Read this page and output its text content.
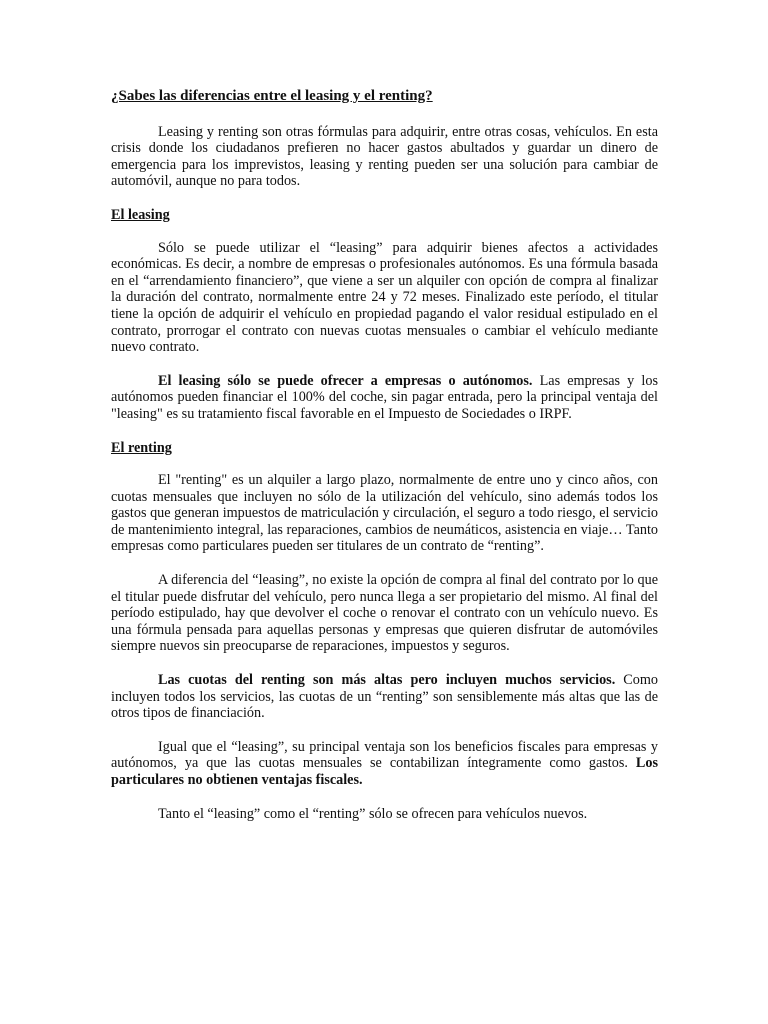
¿Sabes las diferencias entre el leasing y el renting?

Leasing y renting son otras fórmulas para adquirir, entre otras cosas, vehículos. En esta crisis donde los ciudadanos prefieren no hacer gastos abultados y guardar un dinero de emergencia para los imprevistos, leasing y renting pueden ser una solución para cambiar de automóvil, aunque no para todos.

El leasing

Sólo se puede utilizar el “leasing” para adquirir bienes afectos a actividades económicas. Es decir, a nombre de empresas o profesionales autónomos. Es una fórmula basada en el “arrendamiento financiero”, que viene a ser un alquiler con opción de compra al finalizar la duración del contrato, normalmente entre 24 y 72 meses. Finalizado este período, el titular tiene la opción de adquirir el vehículo en propiedad pagando el valor residual estipulado en el contrato, prorrogar el contrato con nuevas cuotas mensuales o cambiar el vehículo mediante nuevo contrato.

El leasing sólo se puede ofrecer a empresas o autónomos. Las empresas y los autónomos pueden financiar el 100% del coche, sin pagar entrada, pero la principal ventaja del "leasing" es su tratamiento fiscal favorable en el Impuesto de Sociedades o IRPF.

El renting

El "renting" es un alquiler a largo plazo, normalmente de entre uno y cinco años, con cuotas mensuales que incluyen no sólo de la utilización del vehículo, sino además todos los gastos que generan impuestos de matriculación y circulación, el seguro a todo riesgo, el servicio de mantenimiento integral, las reparaciones, cambios de neumáticos, asistencia en viaje… Tanto empresas como particulares pueden ser titulares de un contrato de “renting”.

A diferencia del “leasing”, no existe la opción de compra al final del contrato por lo que el titular puede disfrutar del vehículo, pero nunca llega a ser propietario del mismo. Al final del período estipulado, hay que devolver el coche o renovar el contrato con un vehículo nuevo. Es una fórmula pensada para aquellas personas y empresas que quieren disfrutar de automóviles siempre nuevos sin preocuparse de reparaciones, impuestos y seguros.

Las cuotas del renting son más altas pero incluyen muchos servicios. Como incluyen todos los servicios, las cuotas de un “renting” son sensiblemente más altas que las de otros tipos de financiación.

Igual que el “leasing”, su principal ventaja son los beneficios fiscales para empresas y autónomos, ya que las cuotas mensuales se contabilizan íntegramente como gastos. Los particulares no obtienen ventajas fiscales.

Tanto el “leasing” como el “renting” sólo se ofrecen para vehículos nuevos.
